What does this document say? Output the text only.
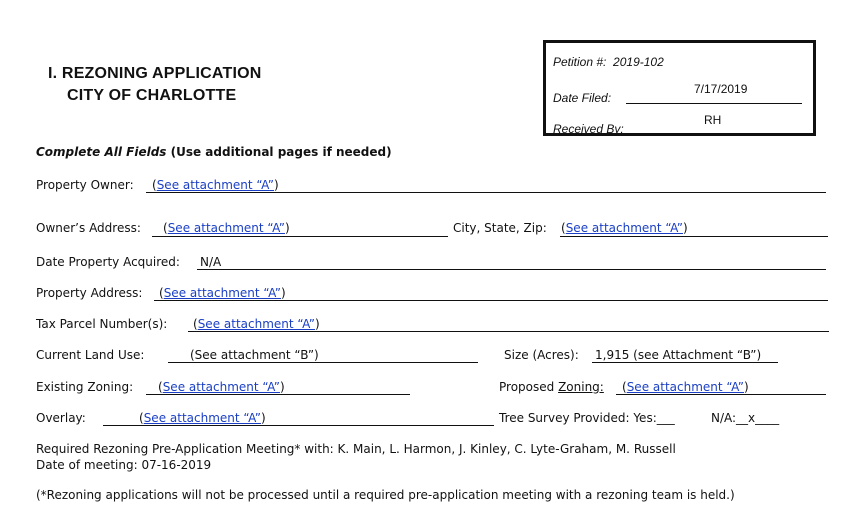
I. REZONING APPLICATION
CITY OF CHARLOTTE
Petition #: 2019-102
Date Filed:
7/17/2019
Received By:
RH
Complete All Fields (Use additional pages if needed)
Property Owner: (See attachment “A”)
Owner’s Address: (See attachment “A”)	City, State, Zip: (See attachment “A”)
Date Property Acquired: N/A
Property Address: (See attachment “A”)
Tax Parcel Number(s): (See attachment “A”)
Current Land Use:	(See attachment “B”)	Size (Acres): 1,915 (see Attachment “B”)
Existing Zoning: (See attachment “A”)	Proposed Zoning: (See attachment “A”)
Overlay:	(See attachment “A”)	Tree Survey Provided: Yes:___	N/A:__x____
Required Rezoning Pre-Application Meeting* with: K. Main, L. Harmon, J. Kinley, C. Lyte-Graham, M. Russell
Date of meeting: 07-16-2019
(*Rezoning applications will not be processed until a required pre-application meeting with a rezoning team is held.)
